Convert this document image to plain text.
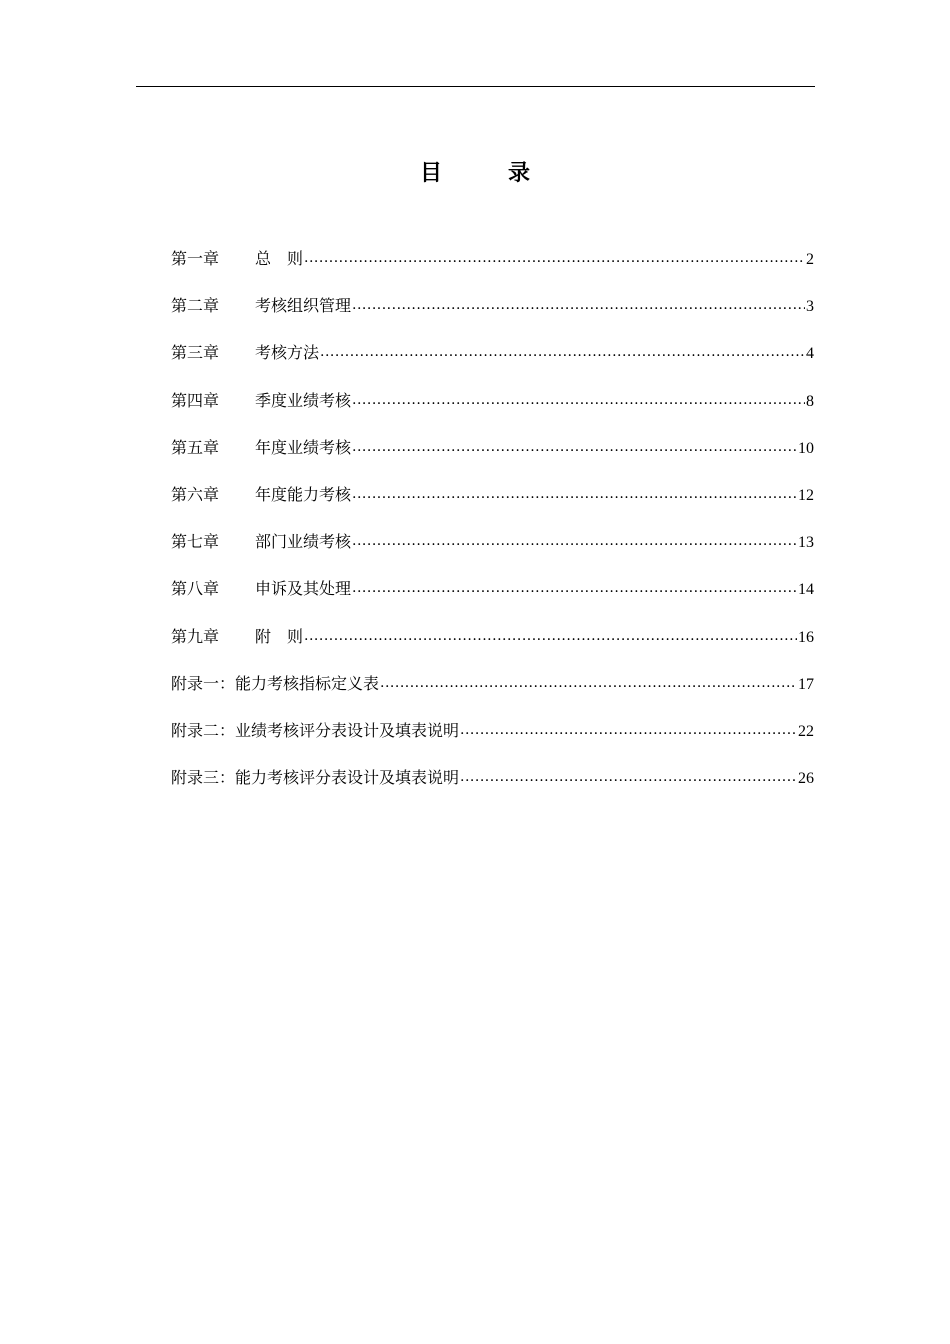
目　录
第一章	总　则 .....	2
第二章	考核组织管理 .....	3
第三章	考核方法 .....	4
第四章	季度业绩考核 .....	8
第五章	年度业绩考核 .....	10
第六章	年度能力考核 .....	12
第七章	部门业绩考核 .....	13
第八章	申诉及其处理 .....	14
第九章	附　则 .....	16
附录一： 能力考核指标定义表 .....	17
附录二： 业绩考核评分表设计及填表说明 .....	22
附录三： 能力考核评分表设计及填表说明 .....	26
